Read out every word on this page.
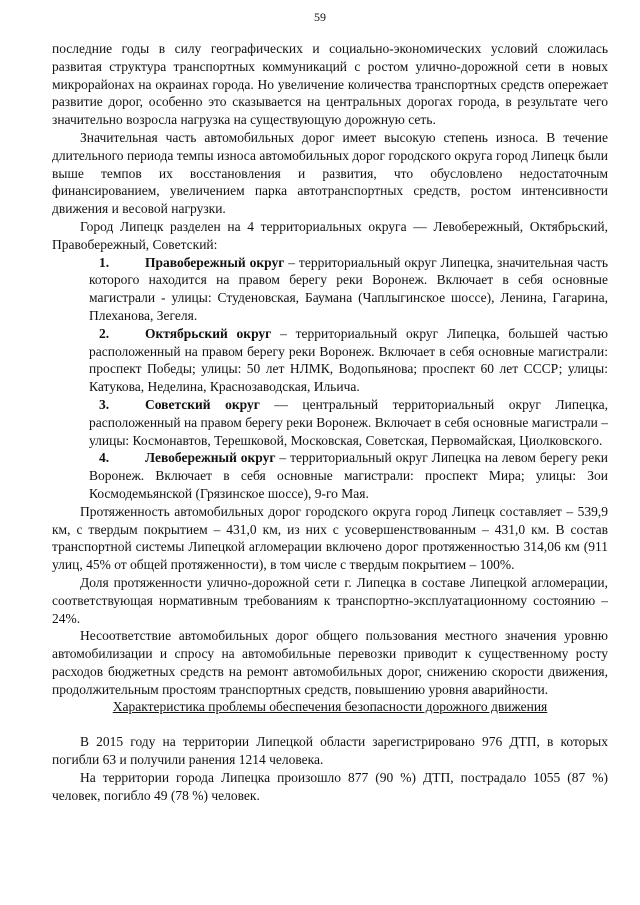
59

последние годы в силу географических и социально-экономических условий сложилась развитая структура транспортных коммуникаций с ростом улично-дорожной сети в новых микрорайонах на окраинах города. Но увеличение количества транспортных средств опережает развитие дорог, особенно это сказывается на центральных дорогах города, в результате чего значительно возросла нагрузка на существующую дорожную сеть.

Значительная часть автомобильных дорог имеет высокую степень износа. В течение длительного периода темпы износа автомобильных дорог городского округа город Липецк были выше темпов их восстановления и развития, что обусловлено недостаточным финансированием, увеличением парка автотранспортных средств, ростом интенсивности движения и весовой нагрузки.

Город Липецк разделен на 4 территориальных округа — Левобережный, Октябрьский, Правобережный, Советский:

1.	Правобережный округ – территориальный округ Липецка, значительная часть которого находится на правом берегу реки Воронеж. Включает в себя основные магистрали - улицы: Студеновская, Баумана (Чаплыгинское шоссе), Ленина, Гагарина, Плеханова, Зегеля.

2.	Октябрьский округ – территориальный округ Липецка, большей частью расположенный на правом берегу реки Воронеж. Включает в себя основные магистрали: проспект Победы; улицы: 50 лет НЛМК, Водопьянова; проспект 60 лет СССР; улицы: Катукова, Неделина, Краснозаводская, Ильича.

3.	Советский округ — центральный территориальный округ Липецка, расположенный на правом берегу реки Воронеж. Включает в себя основные магистрали – улицы: Космонавтов, Терешковой, Московская, Советская, Первомайская, Циолковского.

4.	Левобережный округ – территориальный округ Липецка на левом берегу реки Воронеж. Включает в себя основные магистрали: проспект Мира; улицы: Зои Космодемьянской (Грязинское шоссе), 9-го Мая.

Протяженность автомобильных дорог городского округа город Липецк составляет – 539,9 км, с твердым покрытием – 431,0 км, из них с усовершенствованным – 431,0 км. В состав транспортной системы Липецкой агломерации включено дорог протяженностью 314,06 км (911 улиц, 45% от общей протяженности), в том числе с твердым покрытием – 100%.

Доля протяженности улично-дорожной сети г. Липецка в составе Липецкой агломерации, соответствующая нормативным требованиям к транспортно-эксплуатационному состоянию – 24%.

Несоответствие автомобильных дорог общего пользования местного значения уровню автомобилизации и спросу на автомобильные перевозки приводит к существенному росту расходов бюджетных средств на ремонт автомобильных дорог, снижению скорости движения, продолжительным простоям транспортных средств, повышению уровня аварийности.

Характеристика проблемы обеспечения безопасности дорожного движения

В 2015 году на территории Липецкой области зарегистрировано 976 ДТП, в которых погибли 63 и получили ранения 1214 человека.

На территории города Липецка произошло 877 (90 %) ДТП, пострадало 1055 (87 %) человек, погибло 49 (78 %) человек.
